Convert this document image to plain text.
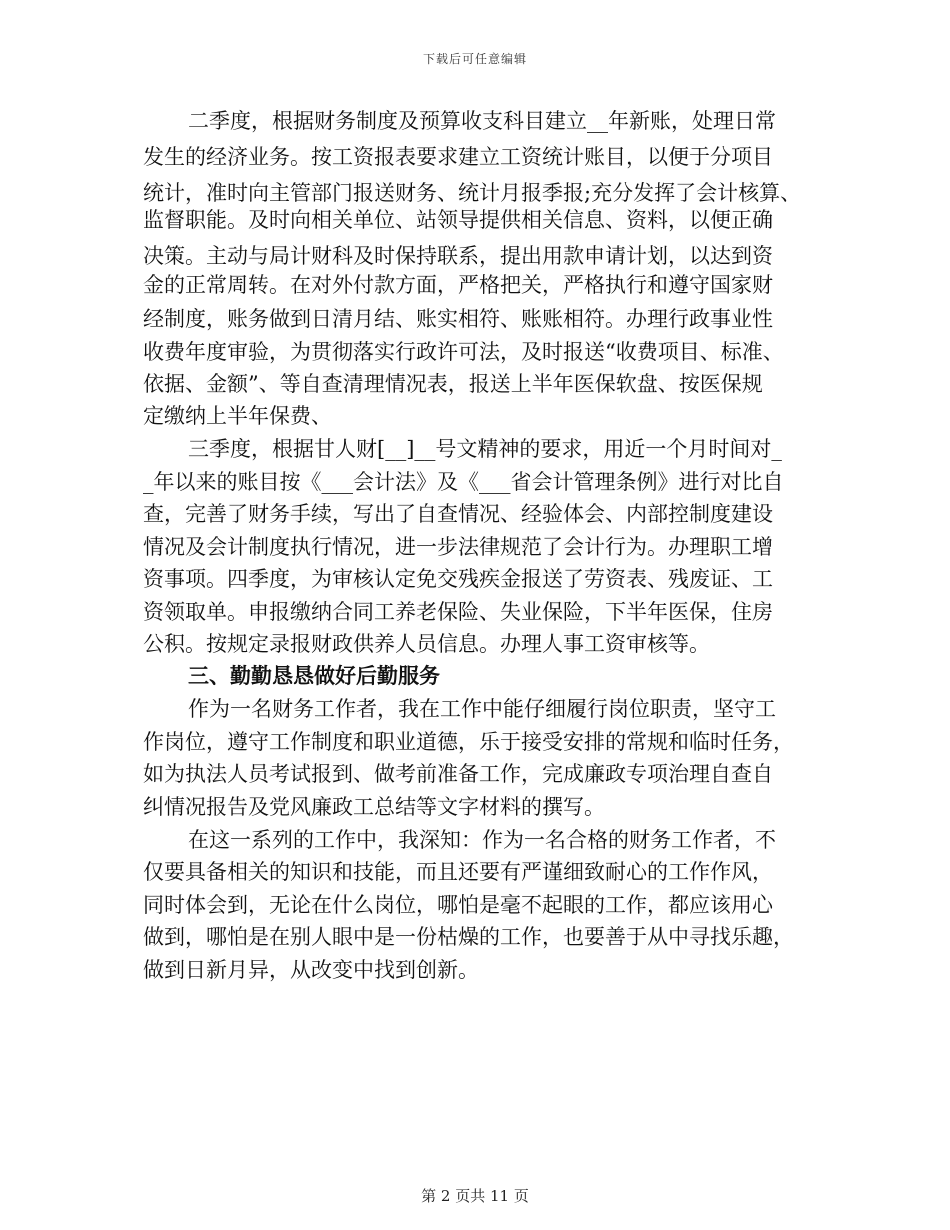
下载后可任意编辑
二季度，根据财务制度及预算收支科目建立__年新账，处理日常
发生的经济业务。按工资报表要求建立工资统计账目，以便于分项目
统计，准时向主管部门报送财务、统计月报季报;充分发挥了会计核算、
监督职能。及时向相关单位、站领导提供相关信息、资料，以便正确
决策。主动与局计财科及时保持联系，提出用款申请计划，以达到资
金的正常周转。在对外付款方面，严格把关，严格执行和遵守国家财
经制度，账务做到日清月结、账实相符、账账相符。办理行政事业性
收费年度审验，为贯彻落实行政许可法，及时报送“收费项目、标准、
依据、金额”、等自查清理情况表，报送上半年医保软盘、按医保规
定缴纳上半年保费、
三季度，根据甘人财[__]__号文精神的要求，用近一个月时间对_
_年以来的账目按《___会计法》及《___省会计管理条例》进行对比自
查，完善了财务手续，写出了自查情况、经验体会、内部控制度建设
情况及会计制度执行情况，进一步法律规范了会计行为。办理职工增
资事项。四季度，为审核认定免交残疾金报送了劳资表、残废证、工
资领取单。申报缴纳合同工养老保险、失业保险，下半年医保，住房
公积。按规定录报财政供养人员信息。办理人事工资审核等。
三、勤勤恳恳做好后勤服务
作为一名财务工作者，我在工作中能仔细履行岗位职责，坚守工
作岗位，遵守工作制度和职业道德，乐于接受安排的常规和临时任务，
如为执法人员考试报到、做考前准备工作，完成廉政专项治理自查自
纠情况报告及党风廉政工总结等文字材料的撰写。
在这一系列的工作中，我深知：作为一名合格的财务工作者，不
仅要具备相关的知识和技能，而且还要有严谨细致耐心的工作作风，
同时体会到，无论在什么岗位，哪怕是毫不起眼的工作，都应该用心
做到，哪怕是在别人眼中是一份枯燥的工作，也要善于从中寻找乐趣，
做到日新月异，从改变中找到创新。
第 2 页共 11 页
